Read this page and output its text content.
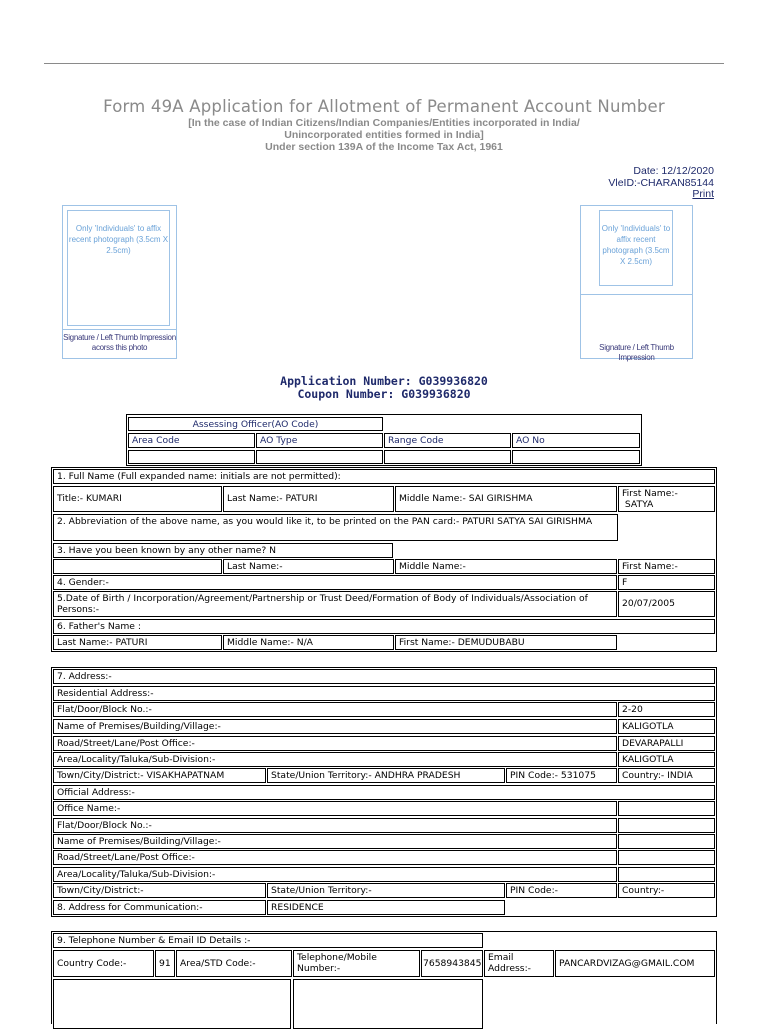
Form 49A Application for Allotment of Permanent Account Number
[In the case of Indian Citizens/Indian Companies/Entities incorporated in India/
Unincorporated entities formed in India]
Under section 139A of the Income Tax Act, 1961
Date: 12/12/2020
VleID:-CHARAN85144
Print
Only 'Individuals' to affix recent photograph (3.5cm X 2.5cm)
Signature / Left Thumb Impression acorss this photo
Only 'Individuals' to affix recent photograph (3.5cm X 2.5cm)
Signature / Left Thumb Impression
Application Number: G039936820
Coupon Number: G039936820
Assessing Officer(AO Code)
Area Code	AO Type	Range Code	AO No
1. Full Name (Full expanded name: initials are not permitted):
Title:- KUMARI	Last Name:- PATURI	Middle Name:- SAI GIRISHMA	First Name:-
SATYA
2. Abbreviation of the above name, as you would like it, to be printed on the PAN card:- PATURI SATYA SAI GIRISHMA
3. Have you been known by any other name? N
Last Name:-	Middle Name:-	First Name:-
4. Gender:-	F
5.Date of Birth / Incorporation/Agreement/Partnership or Trust Deed/Formation of Body of Individuals/Association of Persons:-
20/07/2005
6. Father's Name :
Last Name:- PATURI	Middle Name:- N/A	First Name:- DEMUDUBABU
7. Address:-
Residential Address:-
Flat/Door/Block No.:-	2-20
Name of Premises/Building/Village:-	KALIGOTLA
Road/Street/Lane/Post Office:-	DEVARAPALLI
Area/Locality/Taluka/Sub-Division:-	KALIGOTLA
Town/City/District:- VISAKHAPATNAM	State/Union Territory:- ANDHRA PRADESH	PIN Code:- 531075	Country:- INDIA
Official Address:-
Office Name:-
Flat/Door/Block No.:-
Name of Premises/Building/Village:-
Road/Street/Lane/Post Office:-
Area/Locality/Taluka/Sub-Division:-
Town/City/District:-	State/Union Territory:-	PIN Code:-	Country:-
8. Address for Communication:-	RESIDENCE
9. Telephone Number & Email ID Details :-
Country Code:-	91	Area/STD Code:-
Telephone/Mobile Number:-	7658943845
Email Address:-	PANCARDVIZAG@GMAIL.COM
